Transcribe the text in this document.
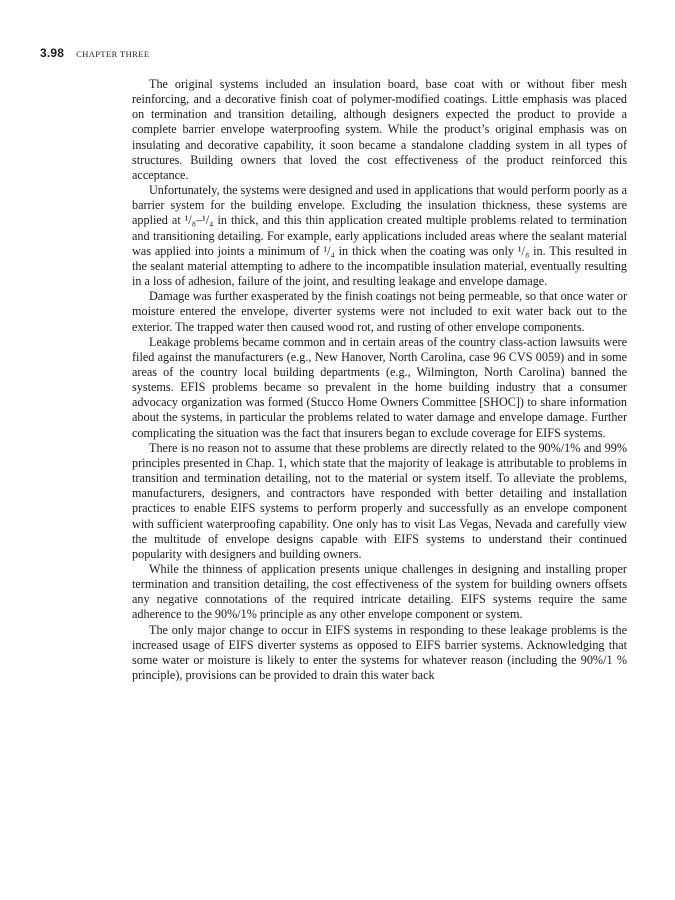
3.98 CHAPTER THREE

The original systems included an insulation board, base coat with or without fiber mesh reinforcing, and a decorative finish coat of polymer-modified coatings. Little emphasis was placed on termination and transition detailing, although designers expected the product to provide a complete barrier envelope waterproofing system. While the product’s original emphasis was on insulating and decorative capability, it soon became a standalone cladding system in all types of structures. Building owners that loved the cost effectiveness of the product reinforced this acceptance.

Unfortunately, the systems were designed and used in applications that would perform poorly as a barrier system for the building envelope. Excluding the insulation thickness, these systems are applied at ¹/₈–¹/₄ in thick, and this thin application created multiple problems related to termination and transitioning detailing. For example, early applications included areas where the sealant material was applied into joints a minimum of ¹/₄ in thick when the coating was only ¹/₈ in. This resulted in the sealant material attempting to adhere to the incompatible insulation material, eventually resulting in a loss of adhesion, failure of the joint, and resulting leakage and envelope damage.

Damage was further exasperated by the finish coatings not being permeable, so that once water or moisture entered the envelope, diverter systems were not included to exit water back out to the exterior. The trapped water then caused wood rot, and rusting of other envelope components.

Leakage problems became common and in certain areas of the country class-action lawsuits were filed against the manufacturers (e.g., New Hanover, North Carolina, case 96 CVS 0059) and in some areas of the country local building departments (e.g., Wilmington, North Carolina) banned the systems. EFIS problems became so prevalent in the home building industry that a consumer advocacy organization was formed (Stucco Home Owners Committee [SHOC]) to share information about the systems, in particular the problems related to water damage and envelope damage. Further complicating the situation was the fact that insurers began to exclude coverage for EIFS systems.

There is no reason not to assume that these problems are directly related to the 90%/1% and 99% principles presented in Chap. 1, which state that the majority of leakage is attributable to problems in transition and termination detailing, not to the material or system itself. To alleviate the problems, manufacturers, designers, and contractors have responded with better detailing and installation practices to enable EIFS systems to perform properly and successfully as an envelope component with sufficient waterproofing capability. One only has to visit Las Vegas, Nevada and carefully view the multitude of envelope designs capable with EIFS systems to understand their continued popularity with designers and building owners.

While the thinness of application presents unique challenges in designing and installing proper termination and transition detailing, the cost effectiveness of the system for building owners offsets any negative connotations of the required intricate detailing. EIFS systems require the same adherence to the 90%/1% principle as any other envelope component or system.

The only major change to occur in EIFS systems in responding to these leakage problems is the increased usage of EIFS diverter systems as opposed to EIFS barrier systems. Acknowledging that some water or moisture is likely to enter the systems for whatever reason (including the 90%/1 % principle), provisions can be provided to drain this water back
